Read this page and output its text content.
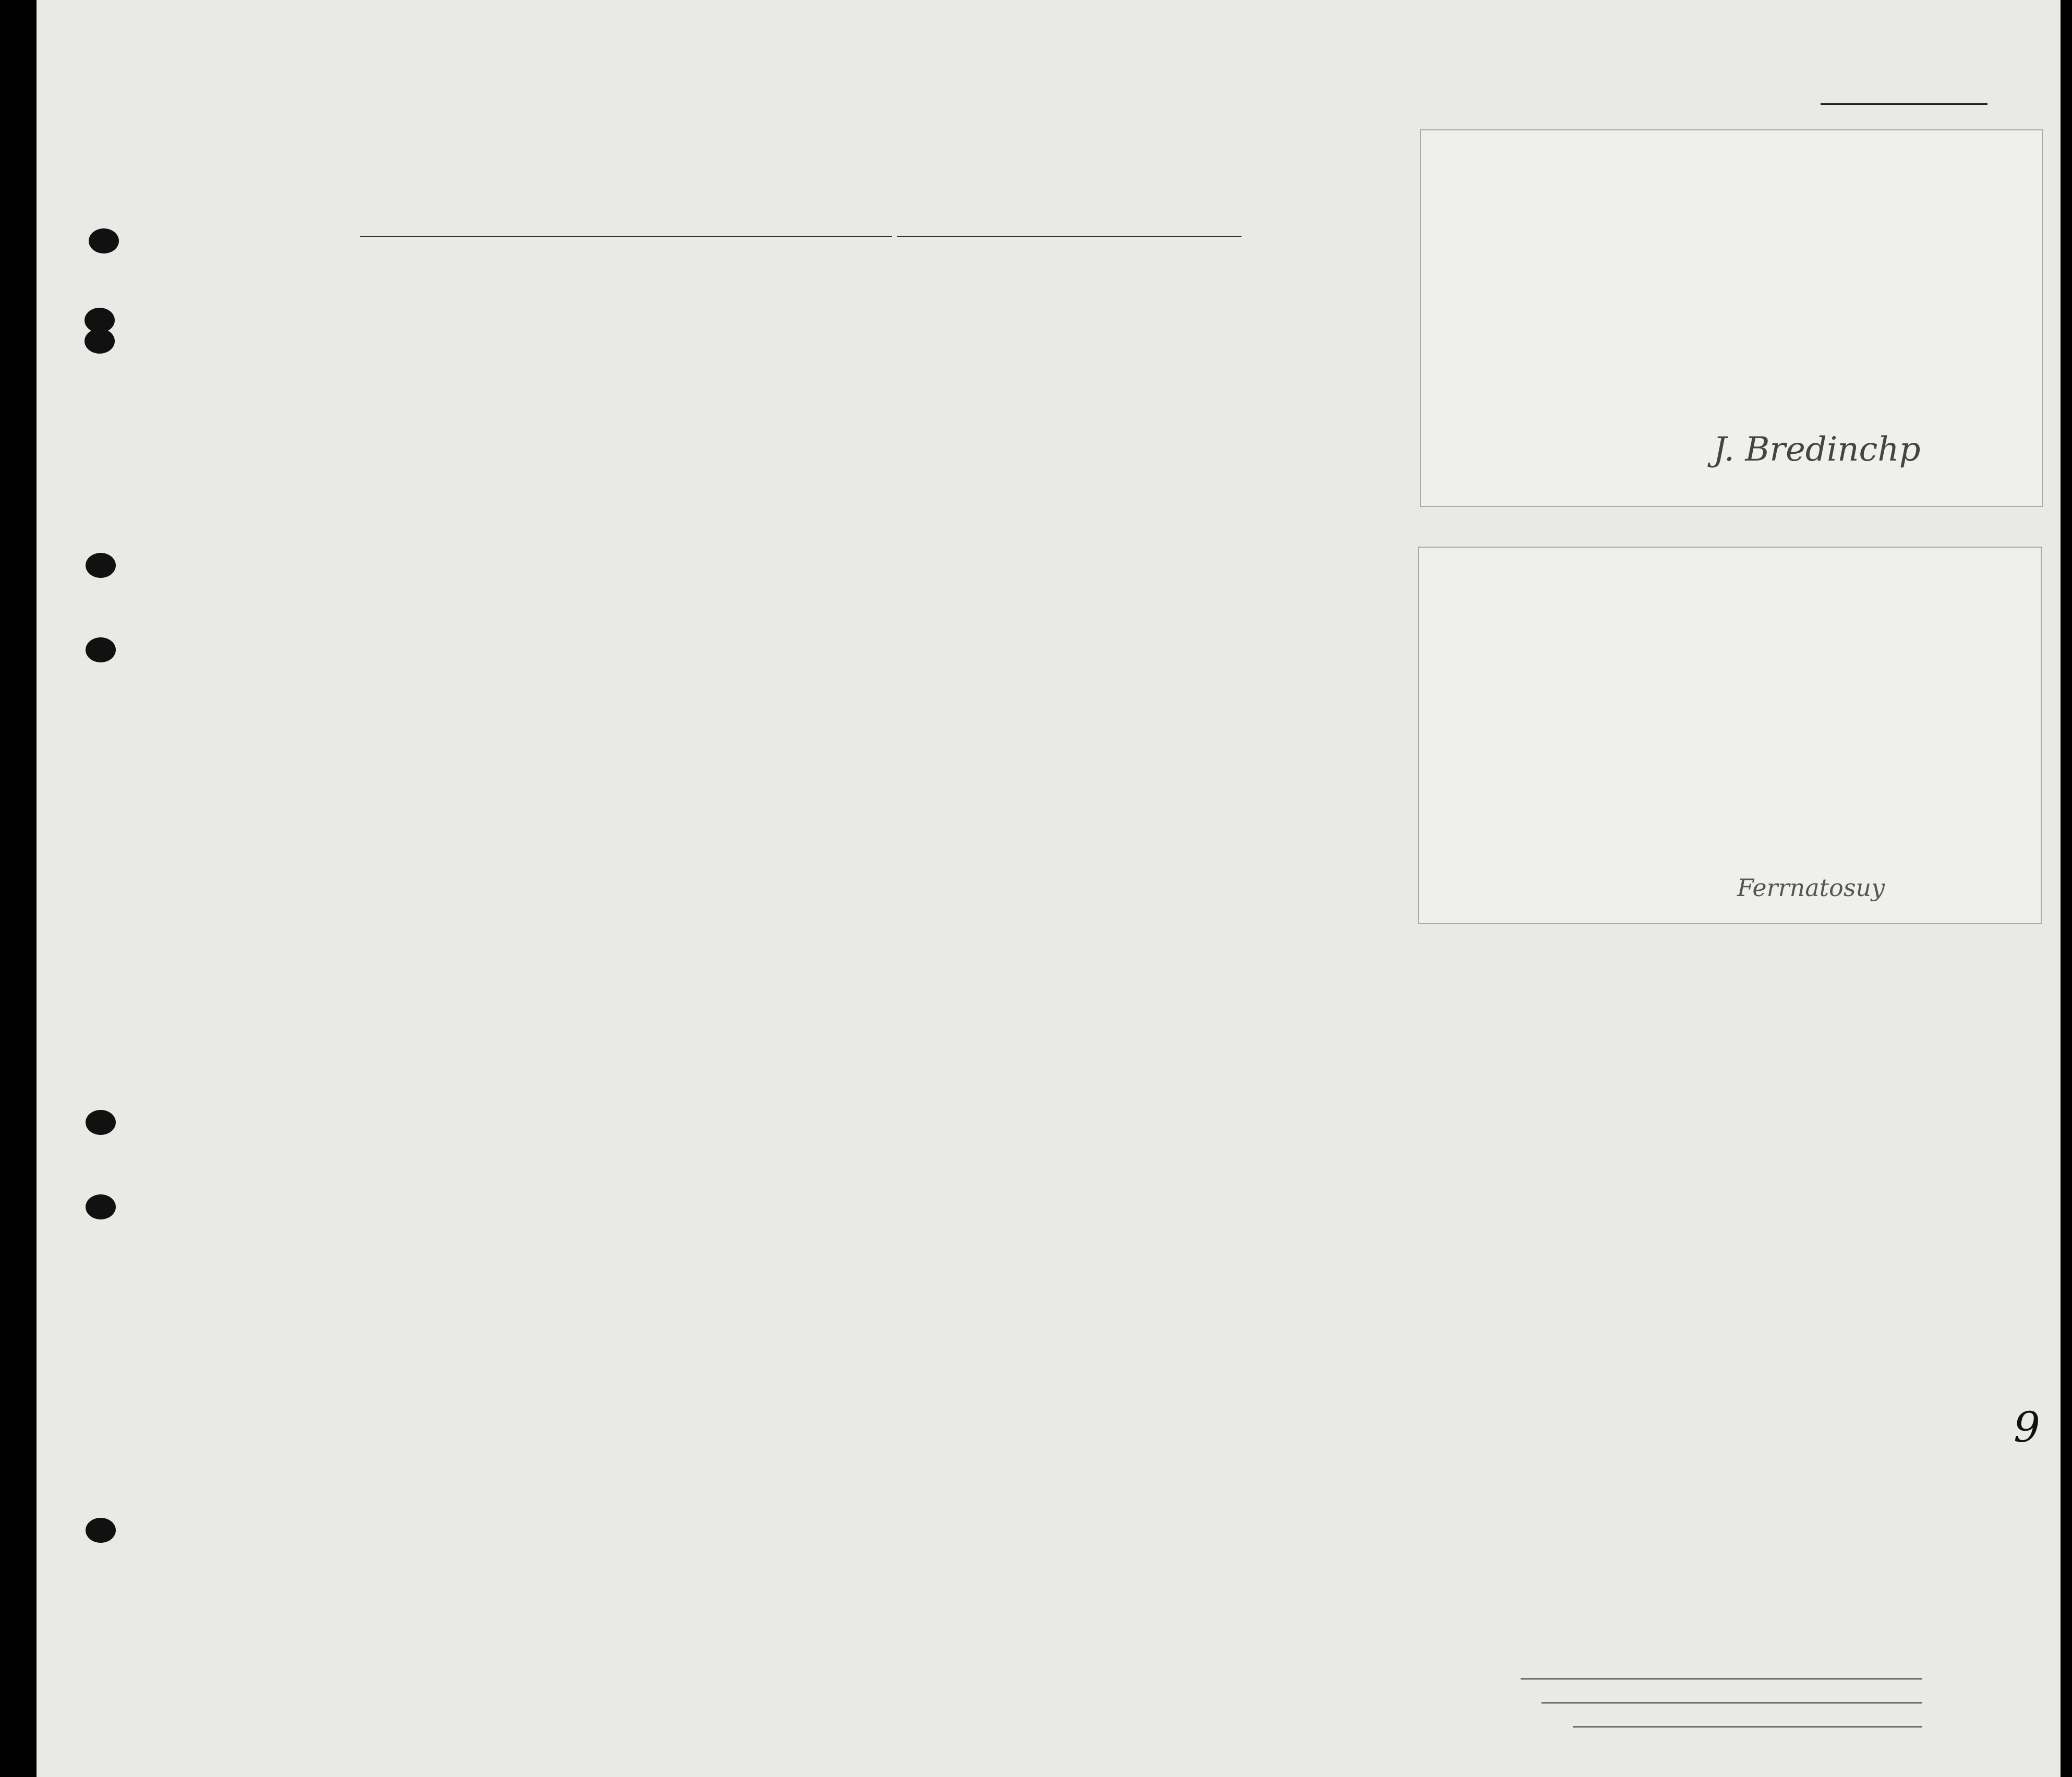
J. Bredinchp
Ferrnatosuy
9
